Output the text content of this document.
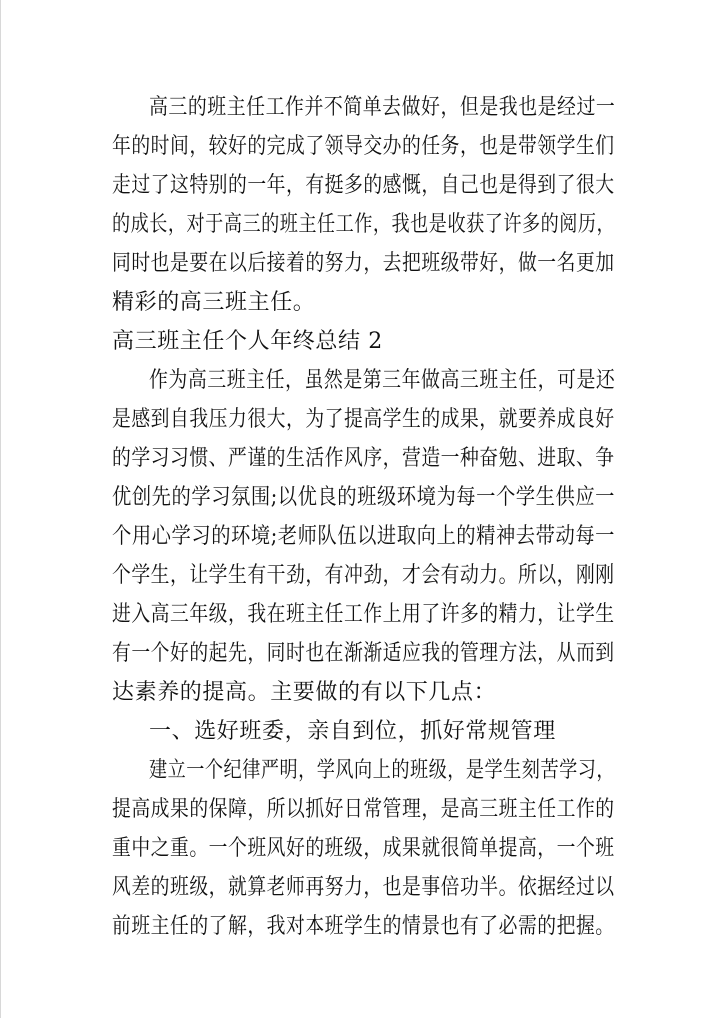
高三的班主任工作并不简单去做好，但是我也是经过一
年的时间，较好的完成了领导交办的任务，也是带领学生们
走过了这特别的一年，有挺多的感慨，自己也是得到了很大
的成长，对于高三的班主任工作，我也是收获了许多的阅历，
同时也是要在以后接着的努力，去把班级带好，做一名更加
精彩的高三班主任。
高三班主任个人年终总结 2
作为高三班主任，虽然是第三年做高三班主任，可是还
是感到自我压力很大，为了提高学生的成果，就要养成良好
的学习习惯、严谨的生活作风序，营造一种奋勉、进取、争
优创先的学习氛围;以优良的班级环境为每一个学生供应一
个用心学习的环境;老师队伍以进取向上的精神去带动每一
个学生，让学生有干劲，有冲劲，才会有动力。所以，刚刚
进入高三年级，我在班主任工作上用了许多的精力，让学生
有一个好的起先，同时也在渐渐适应我的管理方法，从而到
达素养的提高。主要做的有以下几点：
一、选好班委，亲自到位，抓好常规管理
建立一个纪律严明，学风向上的班级，是学生刻苦学习，
提高成果的保障，所以抓好日常管理，是高三班主任工作的
重中之重。一个班风好的班级，成果就很简单提高，一个班
风差的班级，就算老师再努力，也是事倍功半。依据经过以
前班主任的了解，我对本班学生的情景也有了必需的把握。
